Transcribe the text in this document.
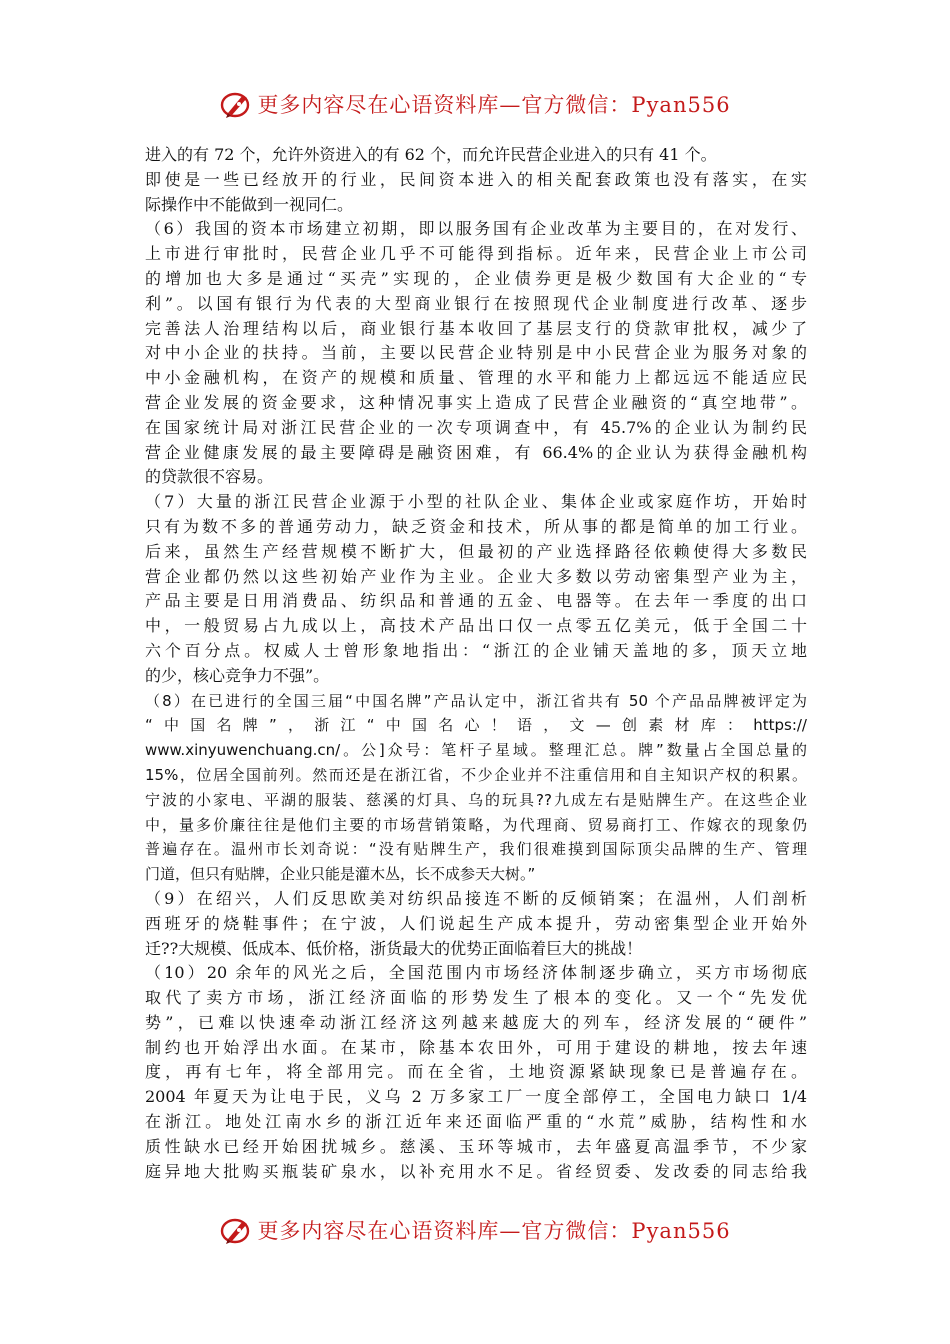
更多内容尽在心语资料库—官方微信：Pyan556
进入的有 72 个，允许外资进入的有 62 个，而允许民营企业进入的只有 41 个。
即使是一些已经放开的行业，民间资本进入的相关配套政策也没有落实，在实
际操作中不能做到一视同仁。
（6）我国的资本市场建立初期，即以服务国有企业改革为主要目的，在对发行、
上市进行审批时，民营企业几乎不可能得到指标。近年来，民营企业上市公司
的增加也大多是通过“买壳”实现的，企业债券更是极少数国有大企业的“专
利”。以国有银行为代表的大型商业银行在按照现代企业制度进行改革、逐步
完善法人治理结构以后，商业银行基本收回了基层支行的贷款审批权，减少了
对中小企业的扶持。当前，主要以民营企业特别是中小民营企业为服务对象的
中小金融机构，在资产的规模和质量、管理的水平和能力上都远远不能适应民
营企业发展的资金要求，这种情况事实上造成了民营企业融资的“真空地带”。
在国家统计局对浙江民营企业的一次专项调查中，有 45.7%的企业认为制约民
营企业健康发展的最主要障碍是融资困难，有 66.4%的企业认为获得金融机构
的贷款很不容易。
（7）大量的浙江民营企业源于小型的社队企业、集体企业或家庭作坊，开始时
只有为数不多的普通劳动力，缺乏资金和技术，所从事的都是简单的加工行业。
后来，虽然生产经营规模不断扩大，但最初的产业选择路径依赖使得大多数民
营企业都仍然以这些初始产业作为主业。企业大多数以劳动密集型产业为主，
产品主要是日用消费品、纺织品和普通的五金、电器等。在去年一季度的出口
中，一般贸易占九成以上，高技术产品出口仅一点零五亿美元，低于全国二十
六个百分点。权威人士曾形象地指出：“浙江的企业铺天盖地的多，顶天立地
的少，核心竞争力不强”。
（8）在已进行的全国三届“中国名牌”产品认定中，浙江省共有 50 个产品品牌被评定为
“中国名牌”，浙江“中国名心！语，文—创素材库：https://
www.xinyuwenchuang.cn/。公]众号：笔杆子星域。整理汇总。牌”数量占全国总量的
15%，位居全国前列。然而还是在浙江省，不少企业并不注重信用和自主知识产权的积累。
宁波的小家电、平湖的服装、慈溪的灯具、乌的玩具??九成左右是贴牌生产。在这些企业
中，量多价廉往往是他们主要的市场营销策略，为代理商、贸易商打工、作嫁衣的现象仍
普遍存在。温州市长刘奇说：“没有贴牌生产，我们很难摸到国际顶尖品牌的生产、管理
门道，但只有贴牌，企业只能是灌木丛，长不成参天大树。”
（9）在绍兴，人们反思欧美对纺织品接连不断的反倾销案；在温州，人们剖析
西班牙的烧鞋事件；在宁波，人们说起生产成本提升，劳动密集型企业开始外
迁??大规模、低成本、低价格，浙货最大的优势正面临着巨大的挑战！
（10）20 余年的风光之后，全国范围内市场经济体制逐步确立，买方市场彻底
取代了卖方市场，浙江经济面临的形势发生了根本的变化。又一个“先发优
势”，已难以快速牵动浙江经济这列越来越庞大的列车，经济发展的“硬件”
制约也开始浮出水面。在某市，除基本农田外，可用于建设的耕地，按去年速
度，再有七年，将全部用完。而在全省，土地资源紧缺现象已是普遍存在。
2004 年夏天为让电于民，义乌 2 万多家工厂一度全部停工，全国电力缺口 1/4
在浙江。地处江南水乡的浙江近年来还面临严重的“水荒”威胁，结构性和水
质性缺水已经开始困扰城乡。慈溪、玉环等城市，去年盛夏高温季节，不少家
庭异地大批购买瓶装矿泉水，以补充用水不足。省经贸委、发改委的同志给我
更多内容尽在心语资料库—官方微信：Pyan556
